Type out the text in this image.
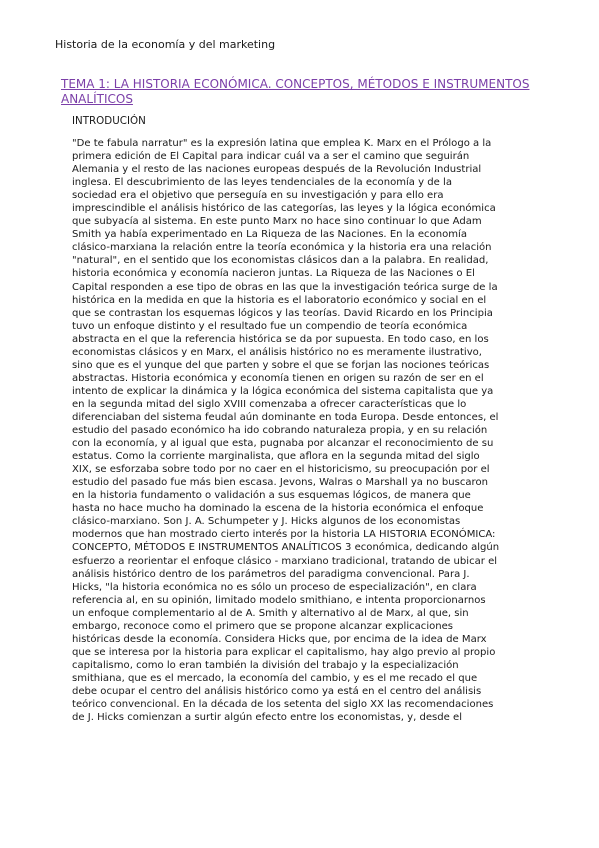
Historia de la economía y del marketing
TEMA 1: LA HISTORIA ECONÓMICA. CONCEPTOS, MÉTODOS E INSTRUMENTOS ANALÍTICOS
INTRODUCIÓN
"De te fabula narratur" es la expresión latina que emplea K. Marx en el Prólogo a la
primera edición de El Capital para indicar cuál va a ser el camino que seguirán
Alemania y el resto de las naciones europeas después de la Revolución Industrial
inglesa. El descubrimiento de las leyes tendenciales de la economía y de la
sociedad era el objetivo que perseguía en su investigación y para ello era
imprescindible el análisis histórico de las categorías, las leyes y la lógica económica
que subyacía al sistema. En este punto Marx no hace sino continuar lo que Adam
Smith ya había experimentado en La Riqueza de las Naciones. En la economía
clásico-marxiana la relación entre la teoría económica y la historia era una relación
"natural", en el sentido que los economistas clásicos dan a la palabra. En realidad,
historia económica y economía nacieron juntas. La Riqueza de las Naciones o El
Capital responden a ese tipo de obras en las que la investigación teórica surge de la
histórica en la medida en que la historia es el laboratorio económico y social en el
que se contrastan los esquemas lógicos y las teorías. David Ricardo en los Principia
tuvo un enfoque distinto y el resultado fue un compendio de teoría económica
abstracta en el que la referencia histórica se da por supuesta. En todo caso, en los
economistas clásicos y en Marx, el análisis histórico no es meramente ilustrativo,
sino que es el yunque del que parten y sobre el que se forjan las nociones teóricas
abstractas. Historia económica y economía tienen en origen su razón de ser en el
intento de explicar la dinámica y la lógica económica del sistema capitalista que ya
en la segunda mitad del siglo XVIII comenzaba a ofrecer características que lo
diferenciaban del sistema feudal aún dominante en toda Europa. Desde entonces, el
estudio del pasado económico ha ido cobrando naturaleza propia, y en su relación
con la economía, y al igual que esta, pugnaba por alcanzar el reconocimiento de su
estatus. Como la corriente marginalista, que aflora en la segunda mitad del siglo
XIX, se esforzaba sobre todo por no caer en el historicismo, su preocupación por el
estudio del pasado fue más bien escasa. Jevons, Walras o Marshall ya no buscaron
en la historia fundamento o validación a sus esquemas lógicos, de manera que
hasta no hace mucho ha dominado la escena de la historia económica el enfoque
clásico-marxiano. Son J. A. Schumpeter y J. Hicks algunos de los economistas
modernos que han mostrado cierto interés por la historia LA HISTORIA ECONÓMICA:
CONCEPTO, MÉTODOS E INSTRUMENTOS ANALÍTICOS 3 económica, dedicando algún
esfuerzo a reorientar el enfoque clásico - marxiano tradicional, tratando de ubicar el
análisis histórico dentro de los parámetros del paradigma convencional. Para J.
Hicks, "la historia económica no es sólo un proceso de especialización", en clara
referencia al, en su opinión, limitado modelo smithiano, e intenta proporcionarnos
un enfoque complementario al de A. Smith y alternativo al de Marx, al que, sin
embargo, reconoce como el primero que se propone alcanzar explicaciones
históricas desde la economía. Considera Hicks que, por encima de la idea de Marx
que se interesa por la historia para explicar el capitalismo, hay algo previo al propio
capitalismo, como lo eran también la división del trabajo y la especialización
smithiana, que es el mercado, la economía del cambio, y es el me recado el que
debe ocupar el centro del análisis histórico como ya está en el centro del análisis
teórico convencional. En la década de los setenta del siglo XX las recomendaciones
de J. Hicks comienzan a surtir algún efecto entre los economistas, y, desde el
